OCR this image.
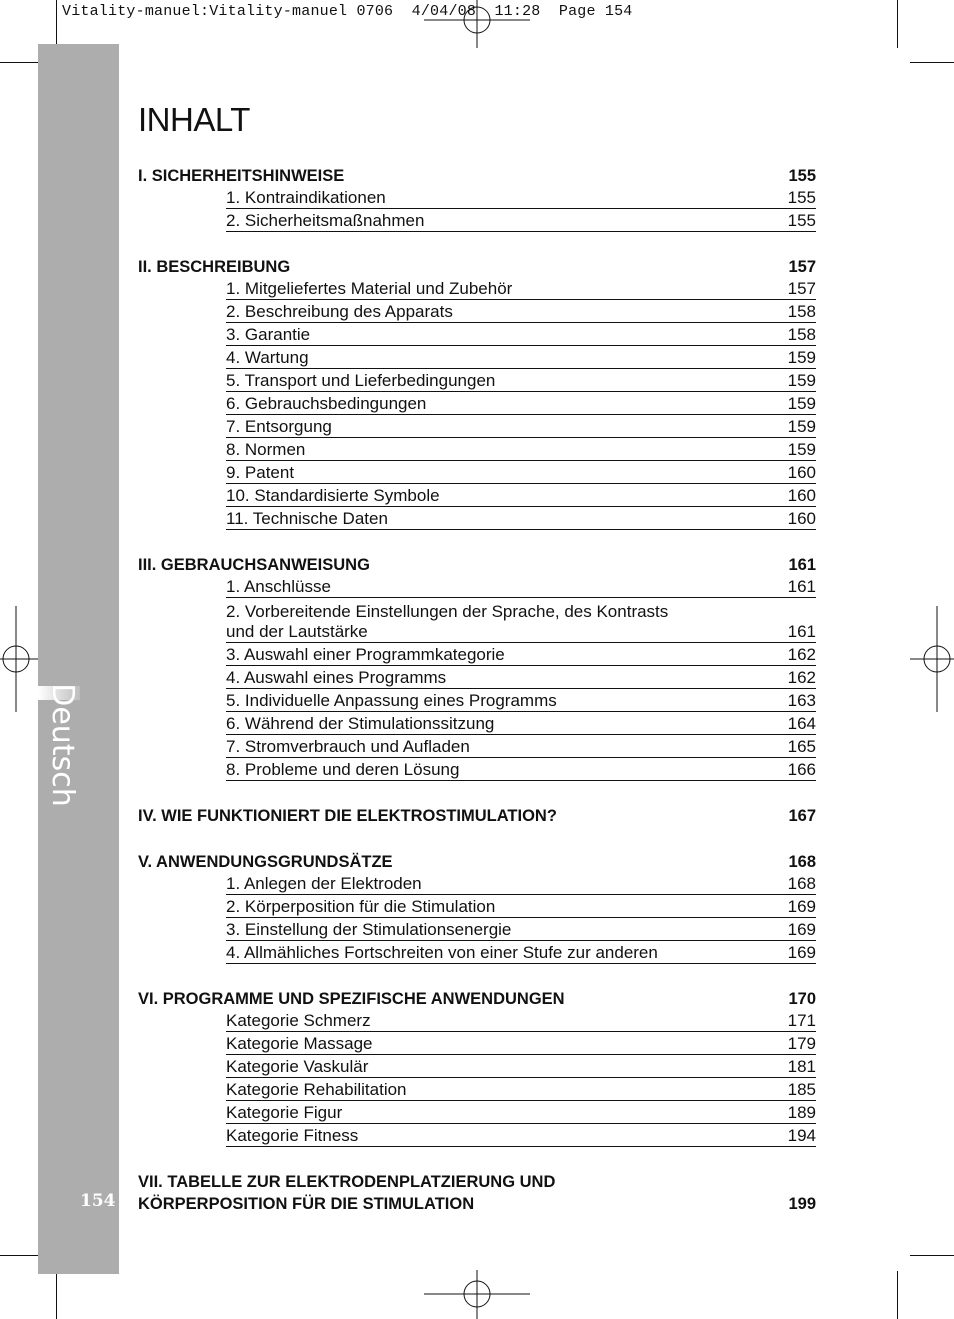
Vitality-manuel:Vitality-manuel 0706  4/04/08  11:28  Page 154
Deutsch
154
INHALT
I. SICHERHEITSHINWEISE	155
1. Kontraindikationen	155
2. Sicherheitsmaßnahmen	155
II. BESCHREIBUNG	157
1. Mitgeliefertes Material und Zubehör	157
2. Beschreibung des Apparats	158
3. Garantie	158
4. Wartung	159
5. Transport und Lieferbedingungen	159
6. Gebrauchsbedingungen	159
7. Entsorgung	159
8. Normen	159
9. Patent	160
10. Standardisierte Symbole	160
11. Technische Daten	160
III. GEBRAUCHSANWEISUNG	161
1. Anschlüsse	161
2. Vorbereitende Einstellungen der Sprache, des Kontrasts
und der Lautstärke	161
3. Auswahl einer Programmkategorie	162
4. Auswahl eines Programms	162
5. Individuelle Anpassung eines Programms	163
6. Während der Stimulationssitzung	164
7. Stromverbrauch und Aufladen	165
8. Probleme und deren Lösung	166
IV. WIE FUNKTIONIERT DIE ELEKTROSTIMULATION?	167
V. ANWENDUNGSGRUNDSÄTZE	168
1. Anlegen der Elektroden	168
2. Körperposition für die Stimulation	169
3. Einstellung der Stimulationsenergie	169
4. Allmähliches Fortschreiten von einer Stufe zur anderen	169
VI. PROGRAMME UND SPEZIFISCHE ANWENDUNGEN	170
Kategorie Schmerz	171
Kategorie Massage	179
Kategorie Vaskulär	181
Kategorie Rehabilitation	185
Kategorie Figur	189
Kategorie Fitness	194
VII. TABELLE ZUR ELEKTRODENPLATZIERUNG UND
KÖRPERPOSITION FÜR DIE STIMULATION	199
